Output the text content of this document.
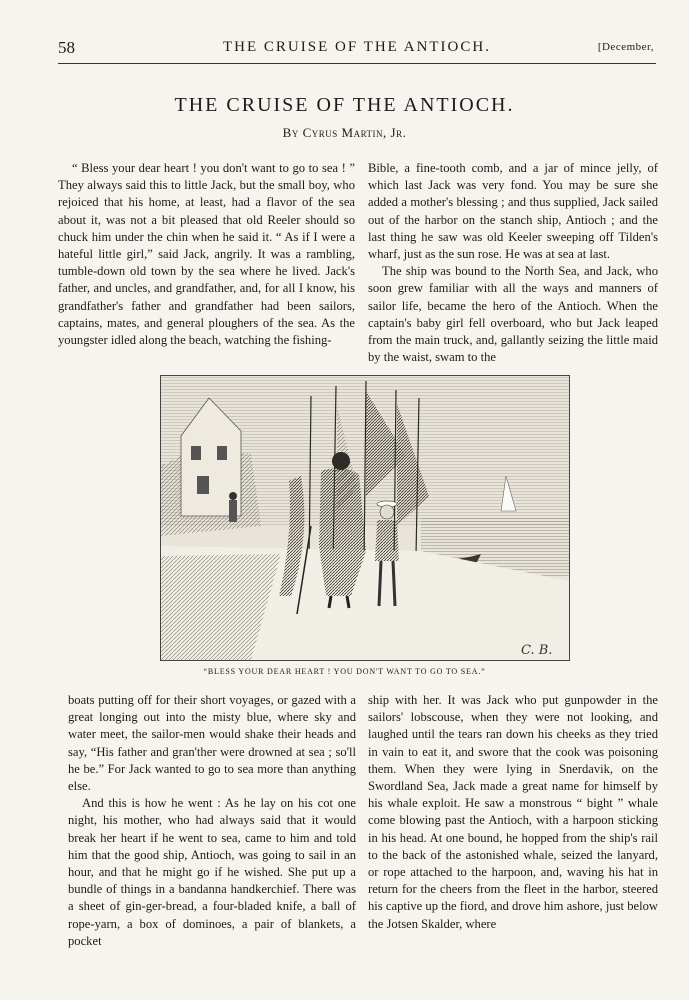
58	THE CRUISE OF THE ANTIOCH.	[December,
THE CRUISE OF THE ANTIOCH.
By Cyrus Martin, Jr.

“ Bless your dear heart ! you don't want to go to sea ! ” They always said this to little Jack, but the small boy, who rejoiced that his home, at least, had a flavor of the sea about it, was not a bit pleased that old Reeler should so chuck him under the chin when he said it. “ As if I were a hateful little girl,” said Jack, angrily. It was a rambling, tumble-down old town by the sea where he lived. Jack's father, and uncles, and grandfather, and, for all I know, his grandfather's father and grandfather had been sailors, captains, mates, and general ploughers of the sea. As the youngster idled along the beach, watching the fishing-

Bible, a fine-tooth comb, and a jar of mince jelly, of which last Jack was very fond. You may be sure she added a mother's blessing ; and thus supplied, Jack sailed out of the harbor on the stanch ship, Antioch ; and the last thing he saw was old Keeler sweeping off Tilden's wharf, just as the sun rose. He was at sea at last.

The ship was bound to the North Sea, and Jack, who soon grew familiar with all the ways and manners of sailor life, became the hero of the Antioch. When the captain's baby girl fell overboard, who but Jack leaped from the main truck, and, gallantly seizing the little maid by the waist, swam to the

C. B.
“BLESS YOUR DEAR HEART ! YOU DON'T WANT TO GO TO SEA.”

boats putting off for their short voyages, or gazed with a great longing out into the misty blue, where sky and water meet, the sailor-men would shake their heads and say, “His father and gran'ther were drowned at sea ; so'll he be.” For Jack wanted to go to sea more than anything else.

And this is how he went : As he lay on his cot one night, his mother, who had always said that it would break her heart if he went to sea, came to him and told him that the good ship, Antioch, was going to sail in an hour, and that he might go if he wished. She put up a bundle of things in a bandanna handkerchief. There was a sheet of gin-ger-bread, a four-bladed knife, a ball of rope-yarn, a box of dominoes, a pair of blankets, a pocket

ship with her. It was Jack who put gunpowder in the sailors' lobscouse, when they were not looking, and laughed until the tears ran down his cheeks as they tried in vain to eat it, and swore that the cook was poisoning them. When they were lying in Snerdavik, on the Swordland Sea, Jack made a great name for himself by his whale exploit. He saw a monstrous “ bight ” whale come blowing past the Antioch, with a harpoon sticking in his head. At one bound, he hopped from the ship's rail to the back of the astonished whale, seized the lanyard, or rope attached to the harpoon, and, waving his hat in return for the cheers from the fleet in the harbor, steered his captive up the fiord, and drove him ashore, just below the Jotsen Skalder, where
